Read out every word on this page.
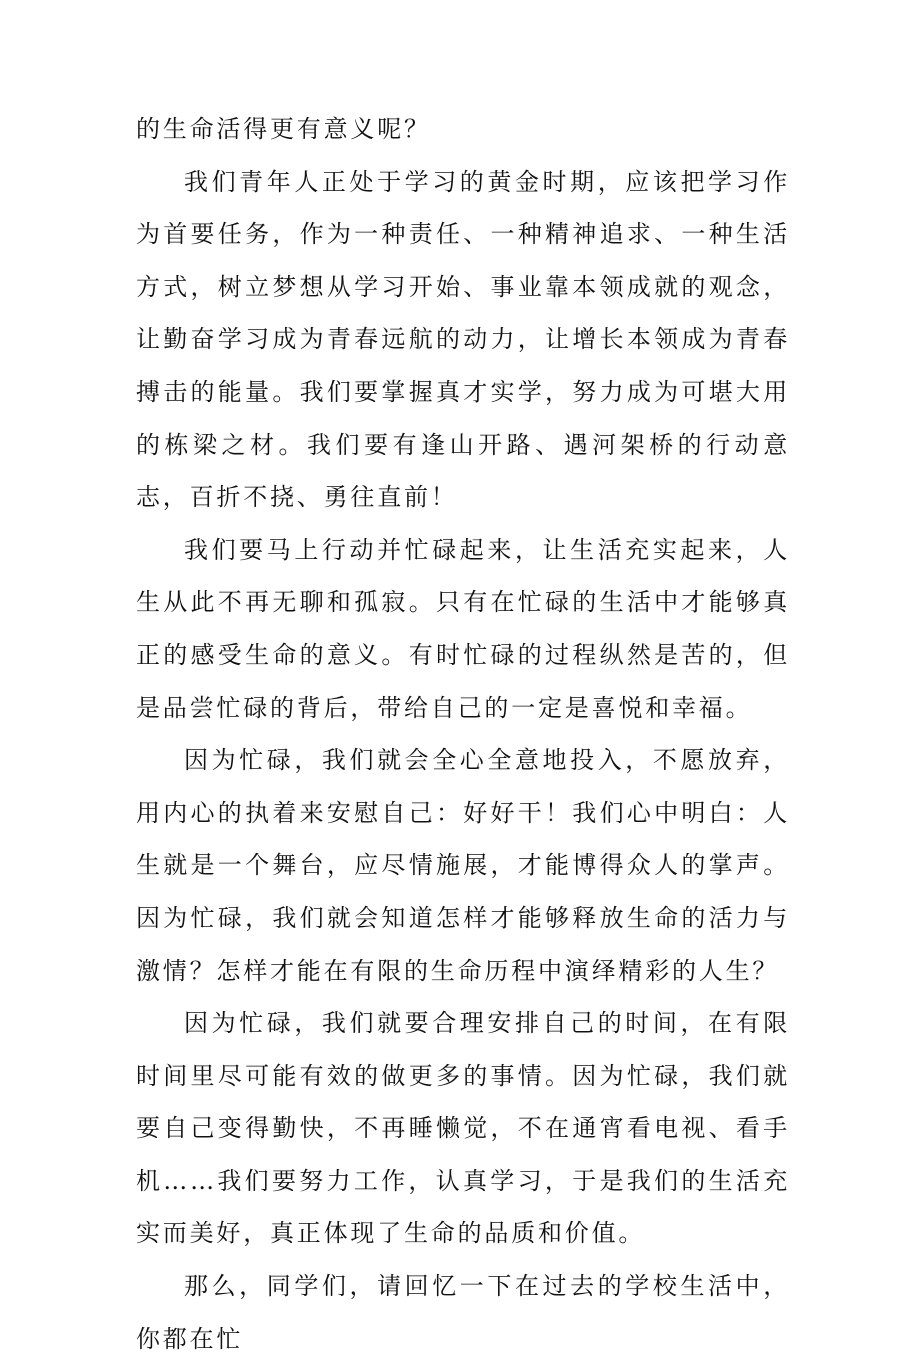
的生命活得更有意义呢？

我们青年人正处于学习的黄金时期，应该把学习作为首要任务，作为一种责任、一种精神追求、一种生活方式，树立梦想从学习开始、事业靠本领成就的观念，让勤奋学习成为青春远航的动力，让增长本领成为青春搏击的能量。我们要掌握真才实学，努力成为可堪大用的栋梁之材。我们要有逢山开路、遇河架桥的行动意志，百折不挠、勇往直前！

我们要马上行动并忙碌起来，让生活充实起来，人生从此不再无聊和孤寂。只有在忙碌的生活中才能够真正的感受生命的意义。有时忙碌的过程纵然是苦的，但是品尝忙碌的背后，带给自己的一定是喜悦和幸福。

因为忙碌，我们就会全心全意地投入，不愿放弃，用内心的执着来安慰自己：好好干！我们心中明白：人生就是一个舞台，应尽情施展，才能博得众人的掌声。因为忙碌，我们就会知道怎样才能够释放生命的活力与激情？怎样才能在有限的生命历程中演绎精彩的人生？

因为忙碌，我们就要合理安排自己的时间，在有限时间里尽可能有效的做更多的事情。因为忙碌，我们就要自己变得勤快，不再睡懒觉，不在通宵看电视、看手机……我们要努力工作，认真学习，于是我们的生活充实而美好，真正体现了生命的品质和价值。

那么，同学们，请回忆一下在过去的学校生活中，你都在忙
